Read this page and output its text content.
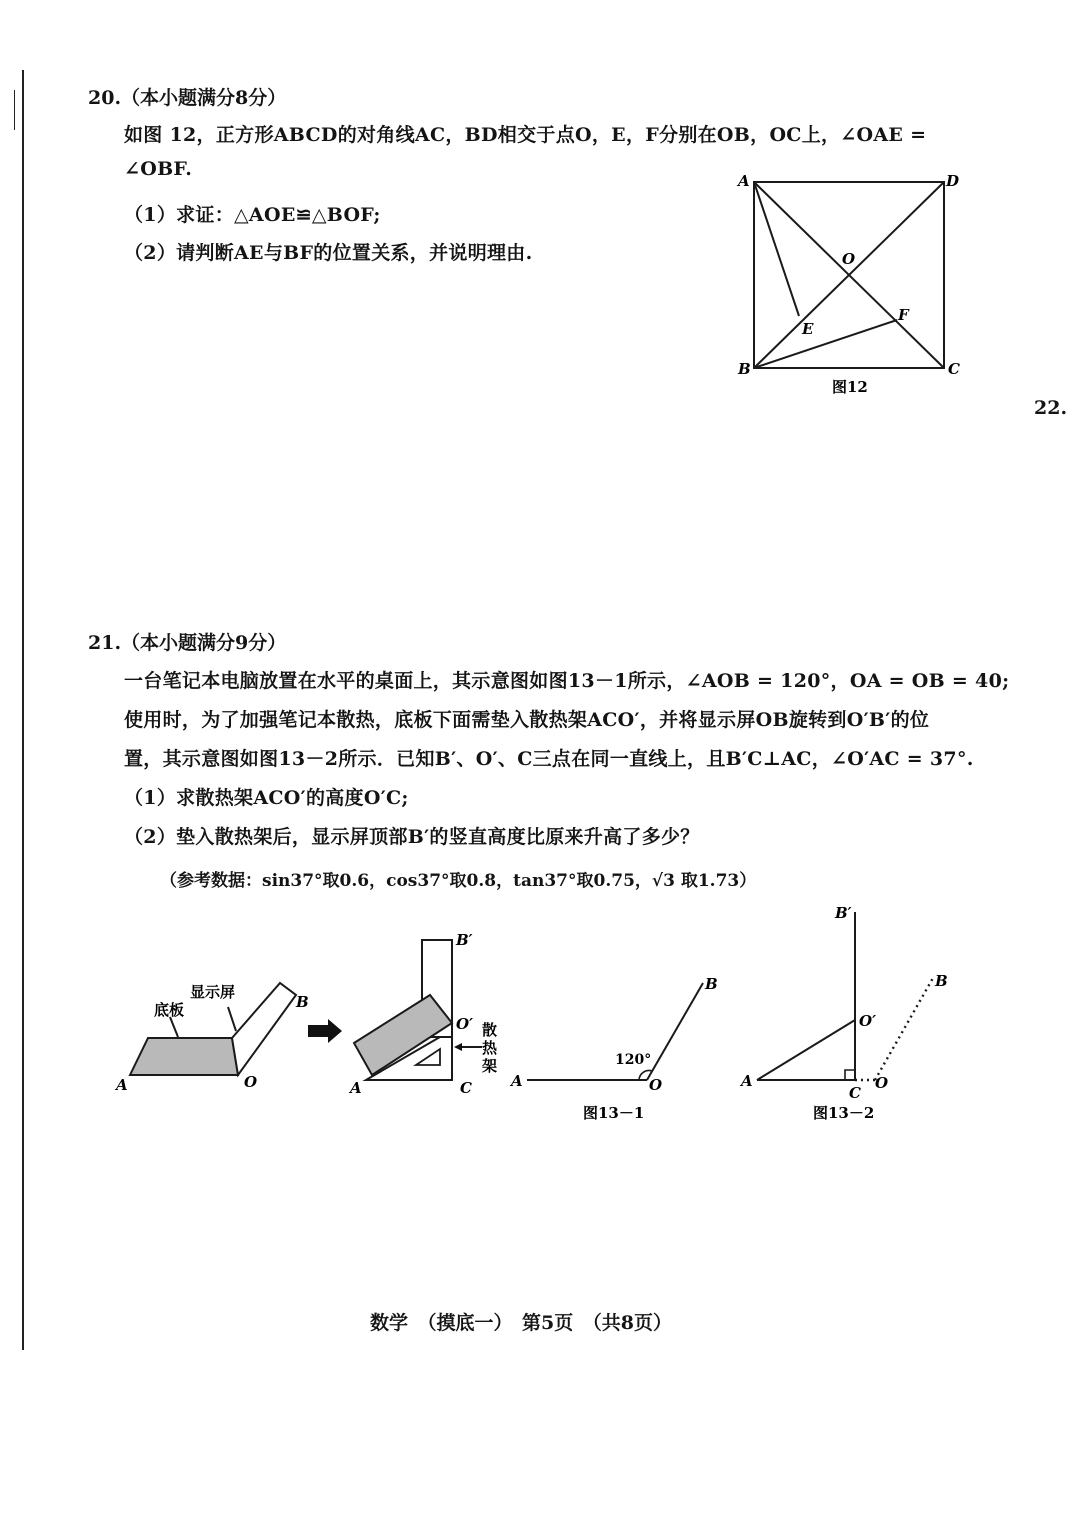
20.（本小题满分8分）
如图 12，正方形ABCD的对角线AC，BD相交于点O，E，F分别在OB，OC上，∠OAE =
∠OBF.
（1）求证：△AOE≌△BOF;
（2）请判断AE与BF的位置关系，并说明理由.
A	D
B	C
O
E
F
图12
22.
21.（本小题满分9分）
一台笔记本电脑放置在水平的桌面上，其示意图如图13－1所示，∠AOB = 120°，OA = OB = 40;
使用时，为了加强笔记本散热，底板下面需垫入散热架ACO′，并将显示屏OB旋转到O′B′的位
置，其示意图如图13－2所示．已知B′、O′、C三点在同一直线上，且B′C⊥AC，∠O′AC = 37°.
（1）求散热架ACO′的高度O′C;
（2）垫入散热架后，显示屏顶部B′的竖直高度比原来升高了多少？
（参考数据：sin37°取0.6，cos37°取0.8，tan37°取0.75，√3 取1.73）
显示屏
底板
A	O
B
散
热
架
A	C
O′
B′
120°
A	O
B
图13－1
A
C
O
O′
B′
B
图13－2
数学　（摸底一）　第5页　（共8页）
